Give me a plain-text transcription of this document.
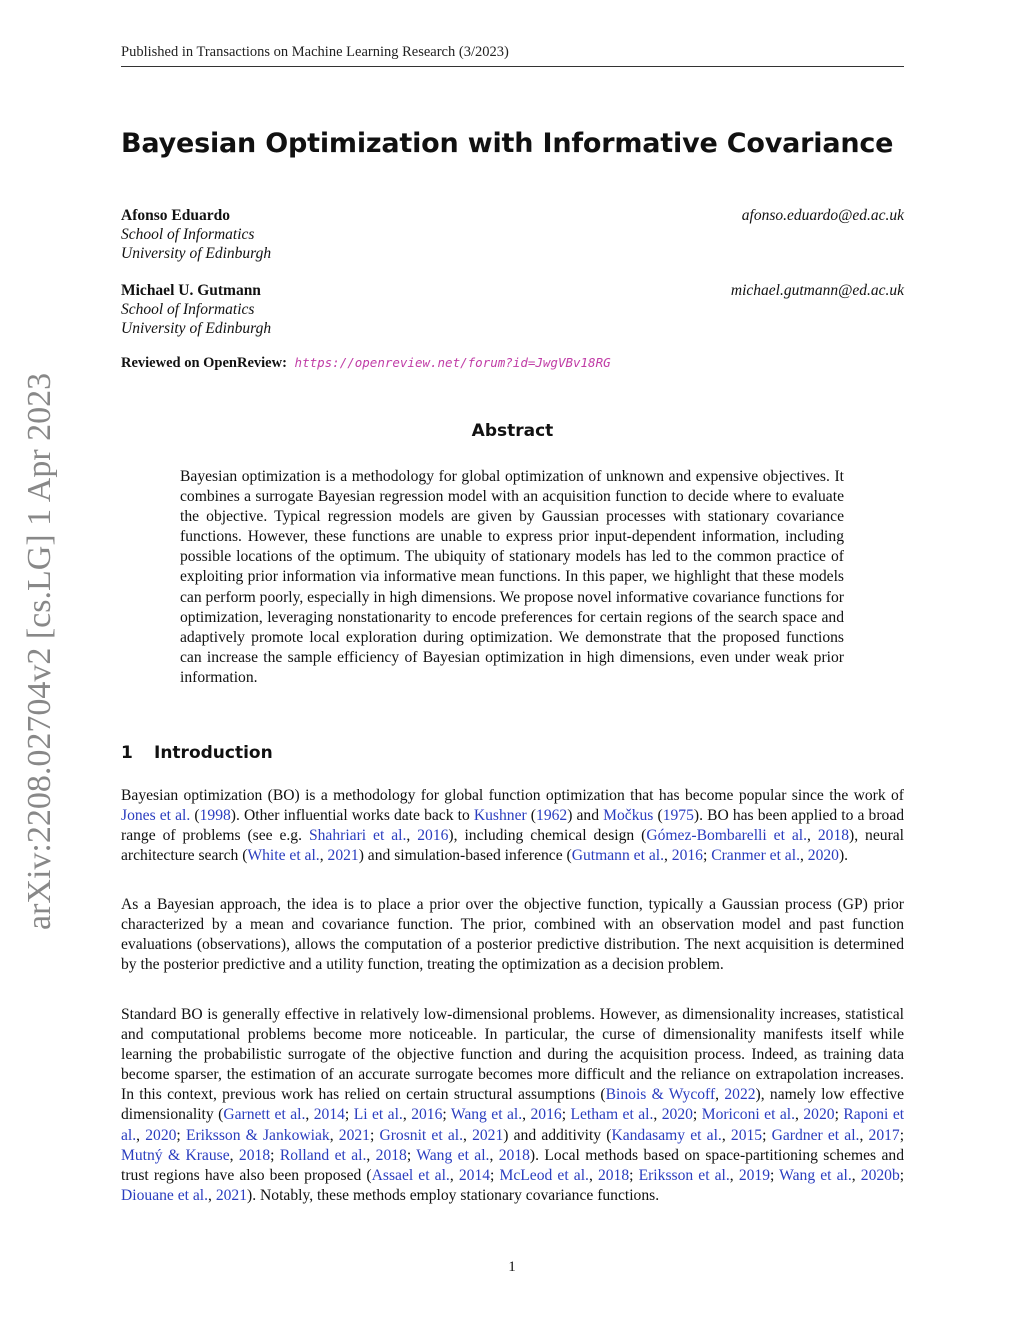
Published in Transactions on Machine Learning Research (3/2023)
arXiv:2208.02704v2 [cs.LG] 1 Apr 2023
Bayesian Optimization with Informative Covariance
Afonso Eduardo	afonso.eduardo@ed.ac.uk
School of Informatics
University of Edinburgh
Michael U. Gutmann	michael.gutmann@ed.ac.uk
School of Informatics
University of Edinburgh
Reviewed on OpenReview: https://openreview.net/forum?id=JwgVBv18RG
Abstract

Bayesian optimization is a methodology for global optimization of unknown and expensive objectives. It combines a surrogate Bayesian regression model with an acquisition function to decide where to evaluate the objective. Typical regression models are given by Gaussian processes with stationary covariance functions. However, these functions are unable to express prior input-dependent information, including possible locations of the optimum. The ubiquity of stationary models has led to the common practice of exploiting prior information via informative mean functions. In this paper, we highlight that these models can perform poorly, especially in high dimensions. We propose novel informative covariance functions for optimization, leveraging nonstationarity to encode preferences for certain regions of the search space and adaptively promote local exploration during optimization. We demonstrate that the proposed functions can increase the sample efficiency of Bayesian optimization in high dimensions, even under weak prior information.

1 Introduction

Bayesian optimization (BO) is a methodology for global function optimization that has become popular since the work of Jones et al. (1998). Other influential works date back to Kushner (1962) and Močkus (1975). BO has been applied to a broad range of problems (see e.g. Shahriari et al., 2016), including chemical design (Gómez-Bombarelli et al., 2018), neural architecture search (White et al., 2021) and simulation-based inference (Gutmann et al., 2016; Cranmer et al., 2020).

As a Bayesian approach, the idea is to place a prior over the objective function, typically a Gaussian process (GP) prior characterized by a mean and covariance function. The prior, combined with an observation model and past function evaluations (observations), allows the computation of a posterior predictive distribution. The next acquisition is determined by the posterior predictive and a utility function, treating the optimization as a decision problem.

Standard BO is generally effective in relatively low-dimensional problems. However, as dimensionality increases, statistical and computational problems become more noticeable. In particular, the curse of dimensionality manifests itself while learning the probabilistic surrogate of the objective function and during the acquisition process. Indeed, as training data become sparser, the estimation of an accurate surrogate becomes more difficult and the reliance on extrapolation increases. In this context, previous work has relied on certain structural assumptions (Binois & Wycoff, 2022), namely low effective dimensionality (Garnett et al., 2014; Li et al., 2016; Wang et al., 2016; Letham et al., 2020; Moriconi et al., 2020; Raponi et al., 2020; Eriksson & Jankowiak, 2021; Grosnit et al., 2021) and additivity (Kandasamy et al., 2015; Gardner et al., 2017; Mutný & Krause, 2018; Rolland et al., 2018; Wang et al., 2018). Local methods based on space-partitioning schemes and trust regions have also been proposed (Assael et al., 2014; McLeod et al., 2018; Eriksson et al., 2019; Wang et al., 2020b; Diouane et al., 2021). Notably, these methods employ stationary covariance functions.

1
